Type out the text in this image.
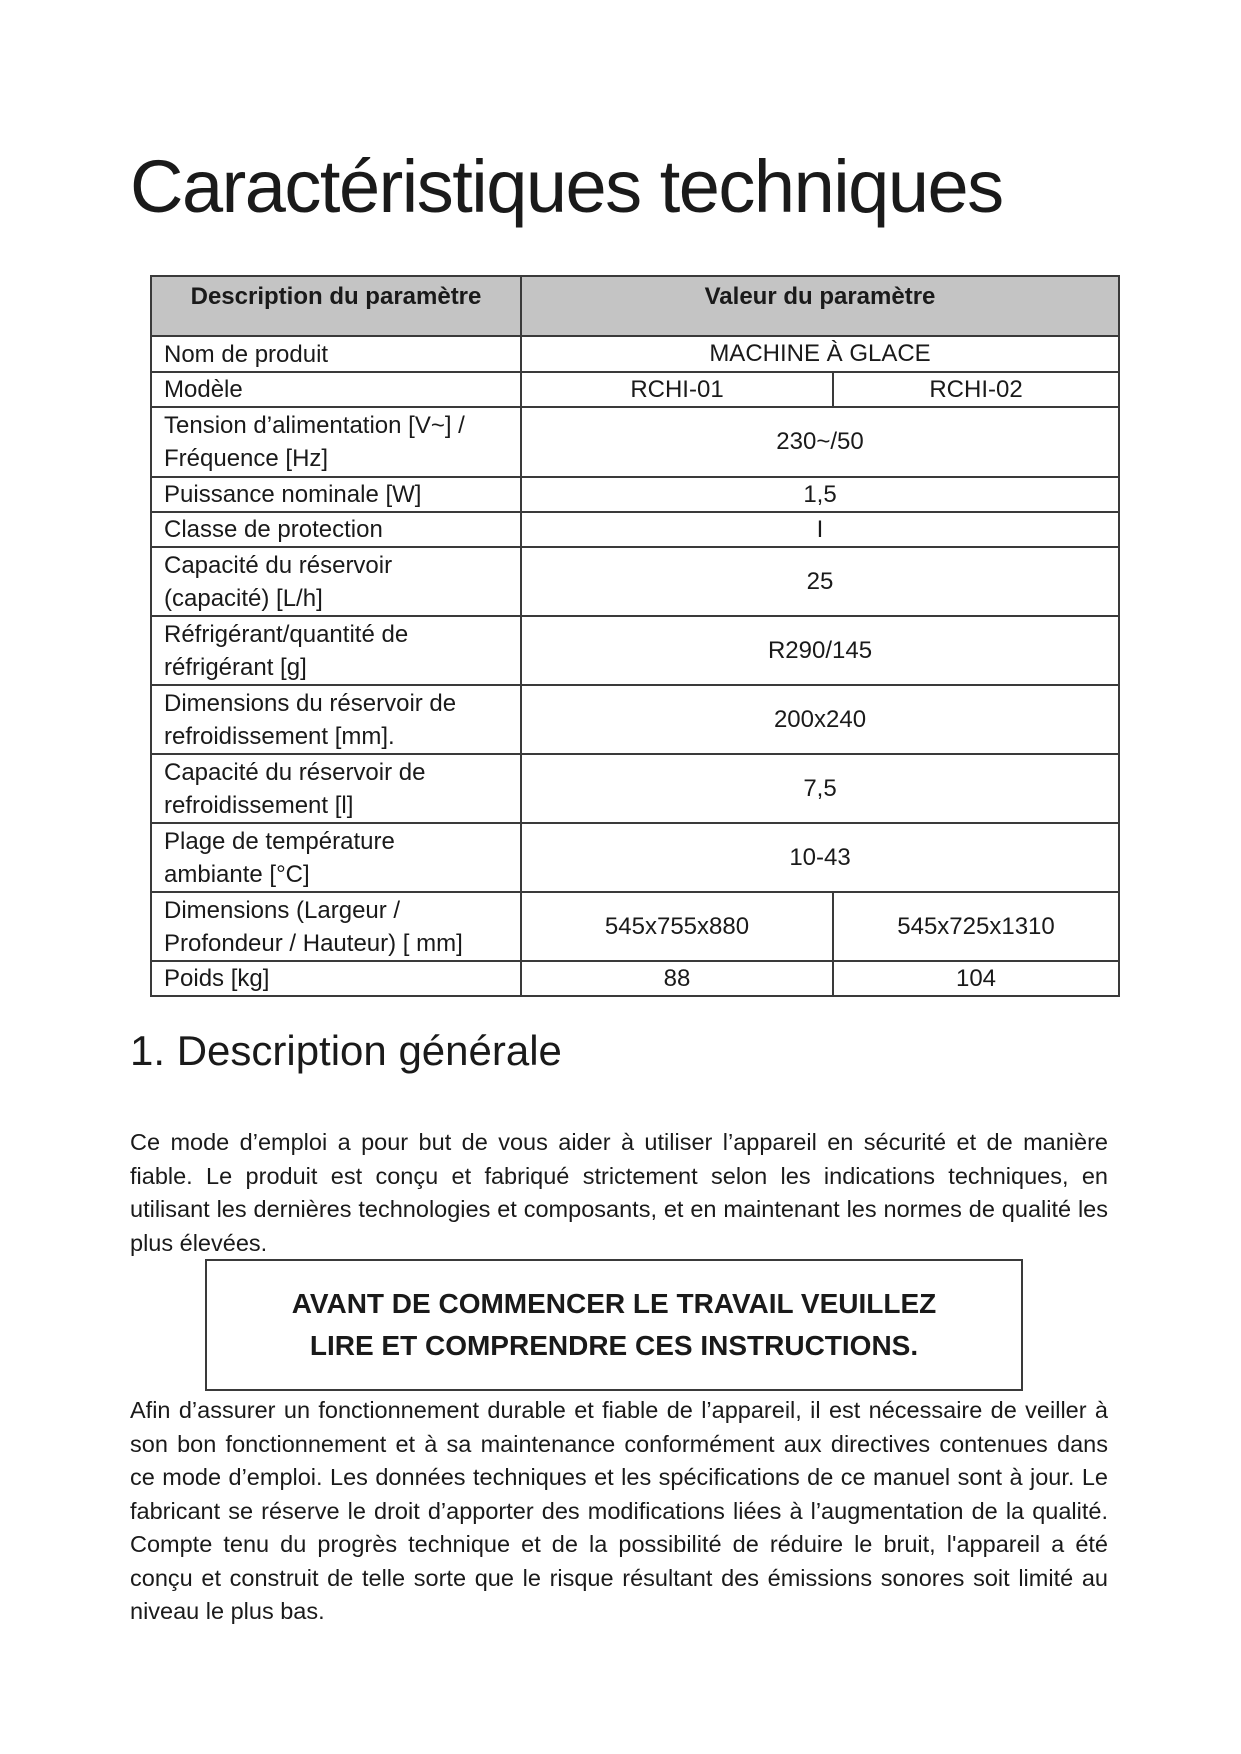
Caractéristiques techniques
Description du paramètre	Valeur du paramètre	
Nom de produit	MACHINE À GLACE	
Modèle	RCHI-01	RCHI-02
Tension d’alimentation [V~] /
Fréquence [Hz]	230~/50	
Puissance nominale [W]	1,5	
Classe de protection	I	
Capacité du réservoir
(capacité) [L/h]	25	
Réfrigérant/quantité de
réfrigérant [g]	R290/145	
Dimensions du réservoir de
refroidissement [mm].	200x240	
Capacité du réservoir de
refroidissement [l]	7,5	
Plage de température
ambiante [°C]	10-43	
Dimensions (Largeur /
Profondeur / Hauteur) [ mm]	545x755x880	545x725x1310
Poids [kg]	88	104
1. Description générale

Ce mode d’emploi a pour but de vous aider à utiliser l’appareil en sécurité et de manière fiable. Le produit est conçu et fabriqué strictement selon les indications techniques, en utilisant les dernières technologies et composants, et en maintenant les normes de qualité les plus élevées.

AVANT DE COMMENCER LE TRAVAIL VEUILLEZ
LIRE ET COMPRENDRE CES INSTRUCTIONS.

Afin d’assurer un fonctionnement durable et fiable de l’appareil, il est nécessaire de veiller à son bon fonctionnement et à sa maintenance conformément aux directives contenues dans ce mode d’emploi. Les données techniques et les spécifications de ce manuel sont à jour. Le fabricant se réserve le droit d’apporter des modifications liées à l’augmentation de la qualité. Compte tenu du progrès technique et de la possibilité de réduire le bruit, l'appareil a été conçu et construit de telle sorte que le risque résultant des émissions sonores soit limité au niveau le plus bas.
